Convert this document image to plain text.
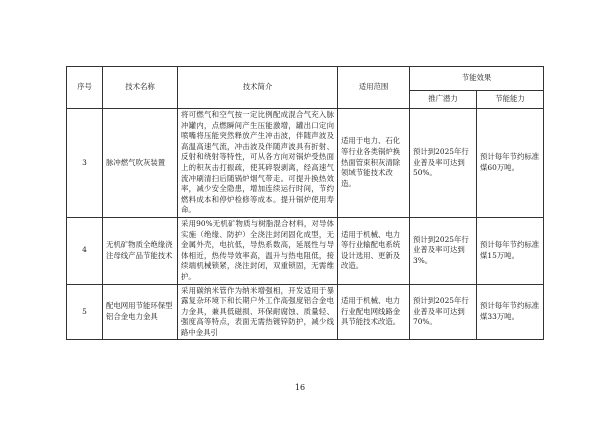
序号	技术名称	技术简介	适用范围	节能效果	
				推广潜力	节能能力
3	脉冲燃气吹灰装置	将可燃气和空气按一定比例配成混合气充入脉冲罐内，点燃瞬间产生压能激增，罐出口定向喷嘴将压能突然释放产生冲击波，伴随声波及高温高速气流，冲击波及伴随声波具有折射、反射和绕射等特性，可从各方向对锅炉受热面上的积灰击打振疏，使其碎裂剥离，经高速气流冲刷清扫后随锅炉烟气带走。可提升换热效率，减少安全隐患，增加连续运行时间，节约燃料成本和停炉检修等成本。提升锅炉使用寿命。	适用于电力、石化等行业各类锅炉换热面管束积灰清除领域节能技术改造。	预计到2025年行业普及率可达到50%。	预计每年节约标准煤60万吨。
4	无机矿物质全绝缘浇注母线产品节能技术	采用90%无机矿物质与树脂混合材料，对导体实施（绝缘、防护）全浇注封闭固化成型，无金属外壳，电抗低，导热系数高，延展性与导体相近，热传导效率高，温升与热电阻低，接续端机械锁紧，浇注封闭，双重锁固，无需维护。	适用于机械、电力等行业输配电系统设计选用、更新及改造。	预计到2025年行业普及率可达到3%。	预计每年节约标准煤15万吨。
5	配电网用节能环保型铝合金电力金具	采用碳纳米管作为纳米增强相，开发适用于暴露复杂环境下和长期户外工作高强度铝合金电力金具，兼具低磁损、环保耐腐蚀、质量轻、强度高等特点，表面无需热镀锌防护，减少线路中金具引	适用于机械、电力行业配电网线路金具节能技术改造。	预计到2025年行业普及率可达到70%。	预计每年节约标准煤33万吨。
16
